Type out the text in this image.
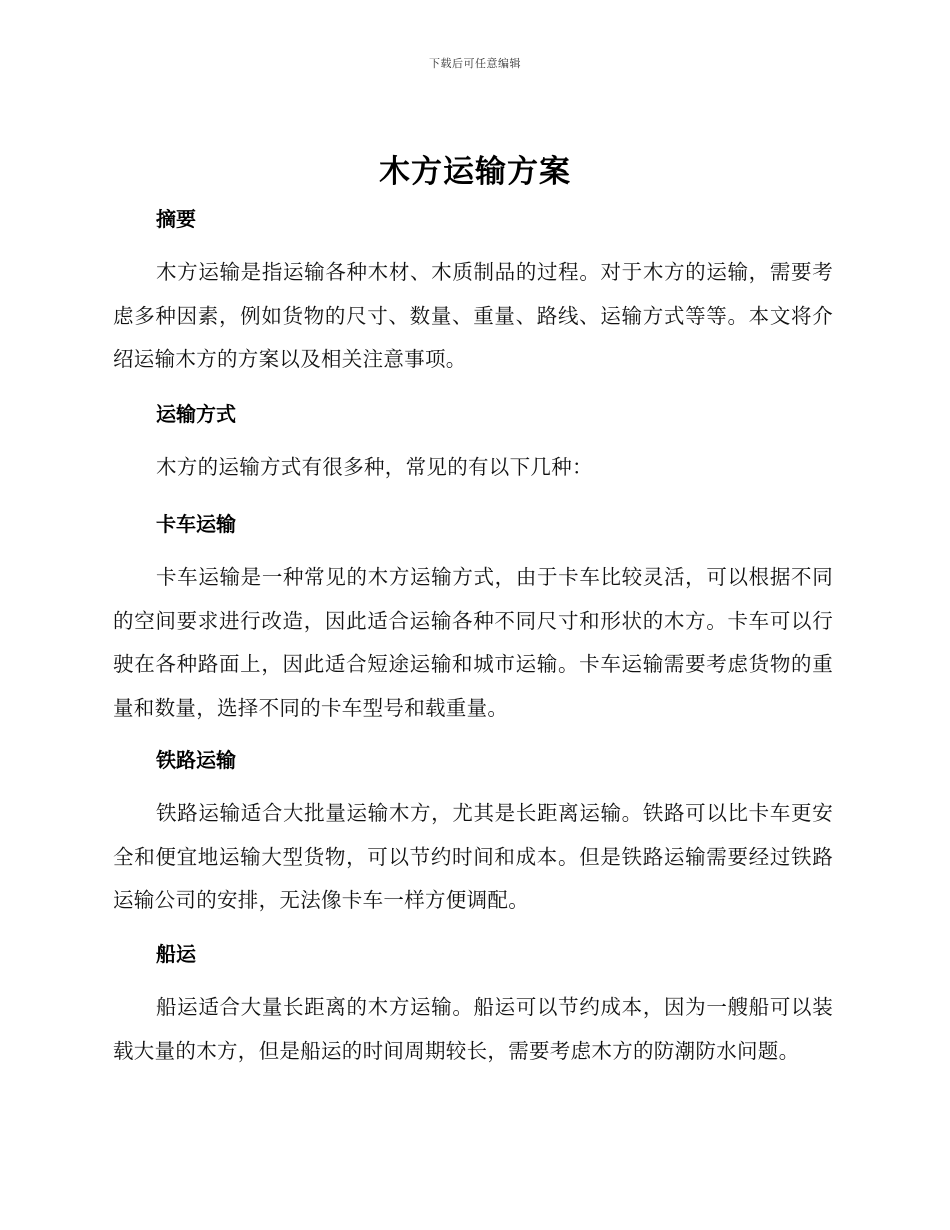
下载后可任意编辑
木方运输方案
摘要
木方运输是指运输各种木材、木质制品的过程。对于木方的运输，需要考虑多种因素，例如货物的尺寸、数量、重量、路线、运输方式等等。本文将介绍运输木方的方案以及相关注意事项。
运输方式
木方的运输方式有很多种，常见的有以下几种：
卡车运输
卡车运输是一种常见的木方运输方式，由于卡车比较灵活，可以根据不同的空间要求进行改造，因此适合运输各种不同尺寸和形状的木方。卡车可以行驶在各种路面上，因此适合短途运输和城市运输。卡车运输需要考虑货物的重量和数量，选择不同的卡车型号和载重量。
铁路运输
铁路运输适合大批量运输木方，尤其是长距离运输。铁路可以比卡车更安全和便宜地运输大型货物，可以节约时间和成本。但是铁路运输需要经过铁路运输公司的安排，无法像卡车一样方便调配。
船运
船运适合大量长距离的木方运输。船运可以节约成本，因为一艘船可以装载大量的木方，但是船运的时间周期较长，需要考虑木方的防潮防水问题。
